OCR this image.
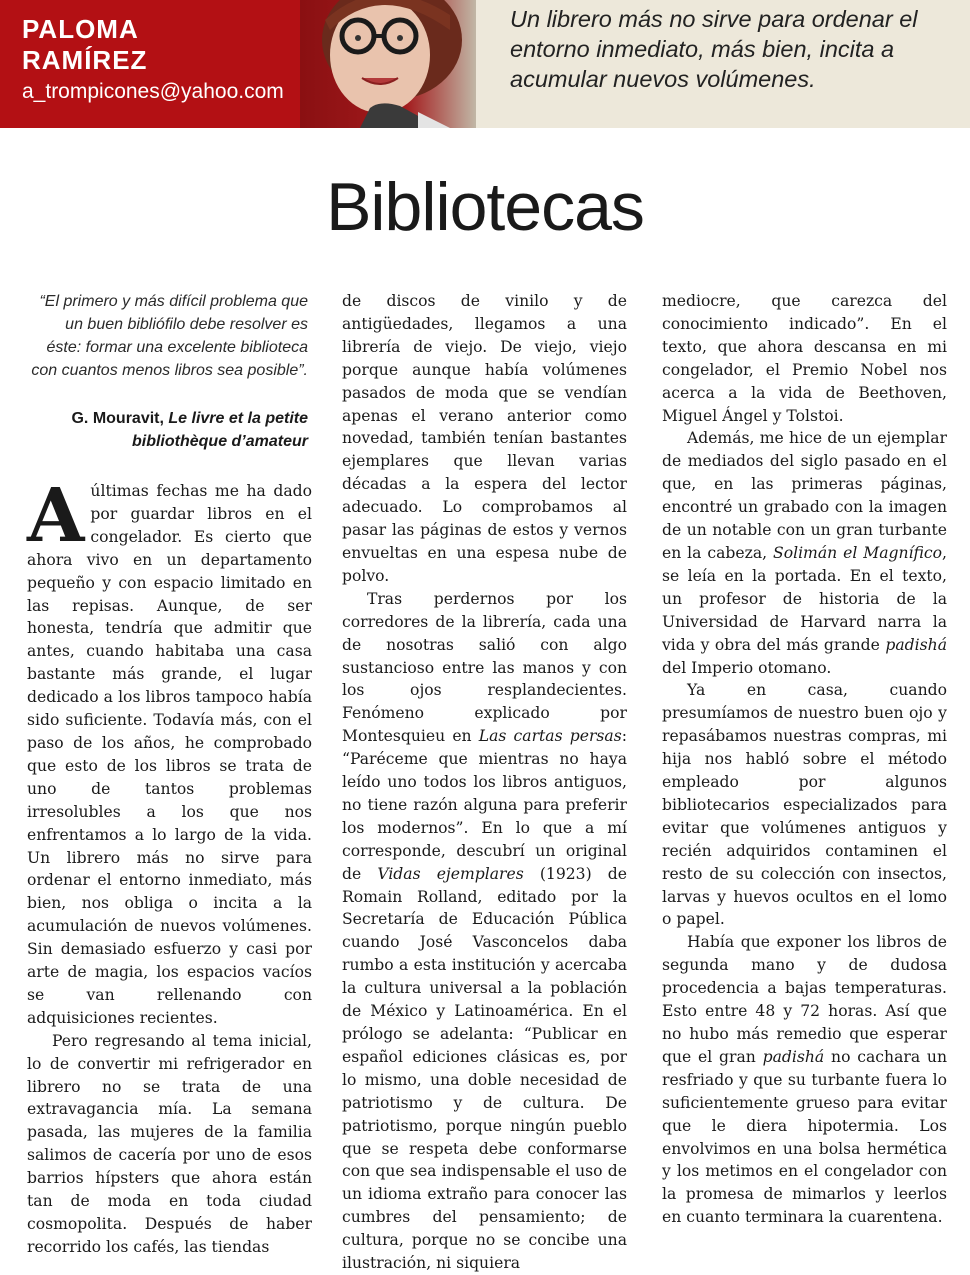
PALOMA
RAMÍREZ
a_trompicones@yahoo.com
Un librero más no sirve para ordenar el entorno inmediato, más bien, incita a acumular nuevos volúmenes.
Bibliotecas
“El primero y más difícil problema que un buen bibliófilo debe resolver es éste: formar una excelente biblioteca con cuantos menos libros sea posible”.
G. Mouravit, Le livre et la petite bibliothèque d’amateur

Aúltimas fechas me ha dado por guardar libros en el congelador. Es cierto que ahora vivo en un departamento pequeño y con espacio limitado en las repisas. Aunque, de ser honesta, tendría que admitir que antes, cuando habitaba una casa bastante más grande, el lugar dedicado a los libros tampoco había sido suficiente. Todavía más, con el paso de los años, he comprobado que esto de los libros se trata de uno de tantos problemas irresolubles a los que nos enfrentamos a lo largo de la vida. Un librero más no sirve para ordenar el entorno inmediato, más bien, nos obliga o incita a la acumulación de nuevos volúmenes. Sin demasiado esfuerzo y casi por arte de magia, los espacios vacíos se van rellenando con adquisiciones recientes.

Pero regresando al tema inicial, lo de convertir mi refrigerador en librero no se trata de una extravagancia mía. La semana pasada, las mujeres de la familia salimos de cacería por uno de esos barrios hípsters que ahora están tan de moda en toda ciudad cosmopolita. Después de haber recorrido los cafés, las tiendas

de discos de vinilo y de antigüedades, llegamos a una librería de viejo. De viejo, viejo porque aunque había volúmenes pasados de moda que se vendían apenas el verano anterior como novedad, también tenían bastantes ejemplares que llevan varias décadas a la espera del lector adecuado. Lo comprobamos al pasar las páginas de estos y vernos envueltas en una espesa nube de polvo.

Tras perdernos por los corredores de la librería, cada una de nosotras salió con algo sustancioso entre las manos y con los ojos resplandecientes. Fenómeno explicado por Montesquieu en Las cartas persas: “Paréceme que mientras no haya leído uno todos los libros antiguos, no tiene razón alguna para preferir los modernos”. En lo que a mí corresponde, descubrí un original de Vidas ejemplares (1923) de Romain Rolland, editado por la Secretaría de Educación Pública cuando José Vasconcelos daba rumbo a esta institución y acercaba la cultura universal a la población de México y Latinoamérica. En el prólogo se adelanta: “Publicar en español ediciones clásicas es, por lo mismo, una doble necesidad de patriotismo y de cultura. De patriotismo, porque ningún pueblo que se respeta debe conformarse con que sea indispensable el uso de un idioma extraño para conocer las cumbres del pensamiento; de cultura, porque no se concibe una ilustración, ni siquiera

mediocre, que carezca del conocimiento indicado”. En el texto, que ahora descansa en mi congelador, el Premio Nobel nos acerca a la vida de Beethoven, Miguel Ángel y Tolstoi.

Además, me hice de un ejemplar de mediados del siglo pasado en el que, en las primeras páginas, encontré un grabado con la imagen de un notable con un gran turbante en la cabeza, Solimán el Magnífico, se leía en la portada. En el texto, un profesor de historia de la Universidad de Harvard narra la vida y obra del más grande padishá del Imperio otomano.

Ya en casa, cuando presumíamos de nuestro buen ojo y repasábamos nuestras compras, mi hija nos habló sobre el método empleado por algunos bibliotecarios especializados para evitar que volúmenes antiguos y recién adquiridos contaminen el resto de su colección con insectos, larvas y huevos ocultos en el lomo o papel.

Había que exponer los libros de segunda mano y de dudosa procedencia a bajas temperaturas. Esto entre 48 y 72 horas. Así que no hubo más remedio que esperar que el gran padishá no cachara un resfriado y que su turbante fuera lo suficientemente grueso para evitar que le diera hipotermia. Los envolvimos en una bolsa hermética y los metimos en el congelador con la promesa de mimarlos y leerlos en cuanto terminara la cuarentena.
